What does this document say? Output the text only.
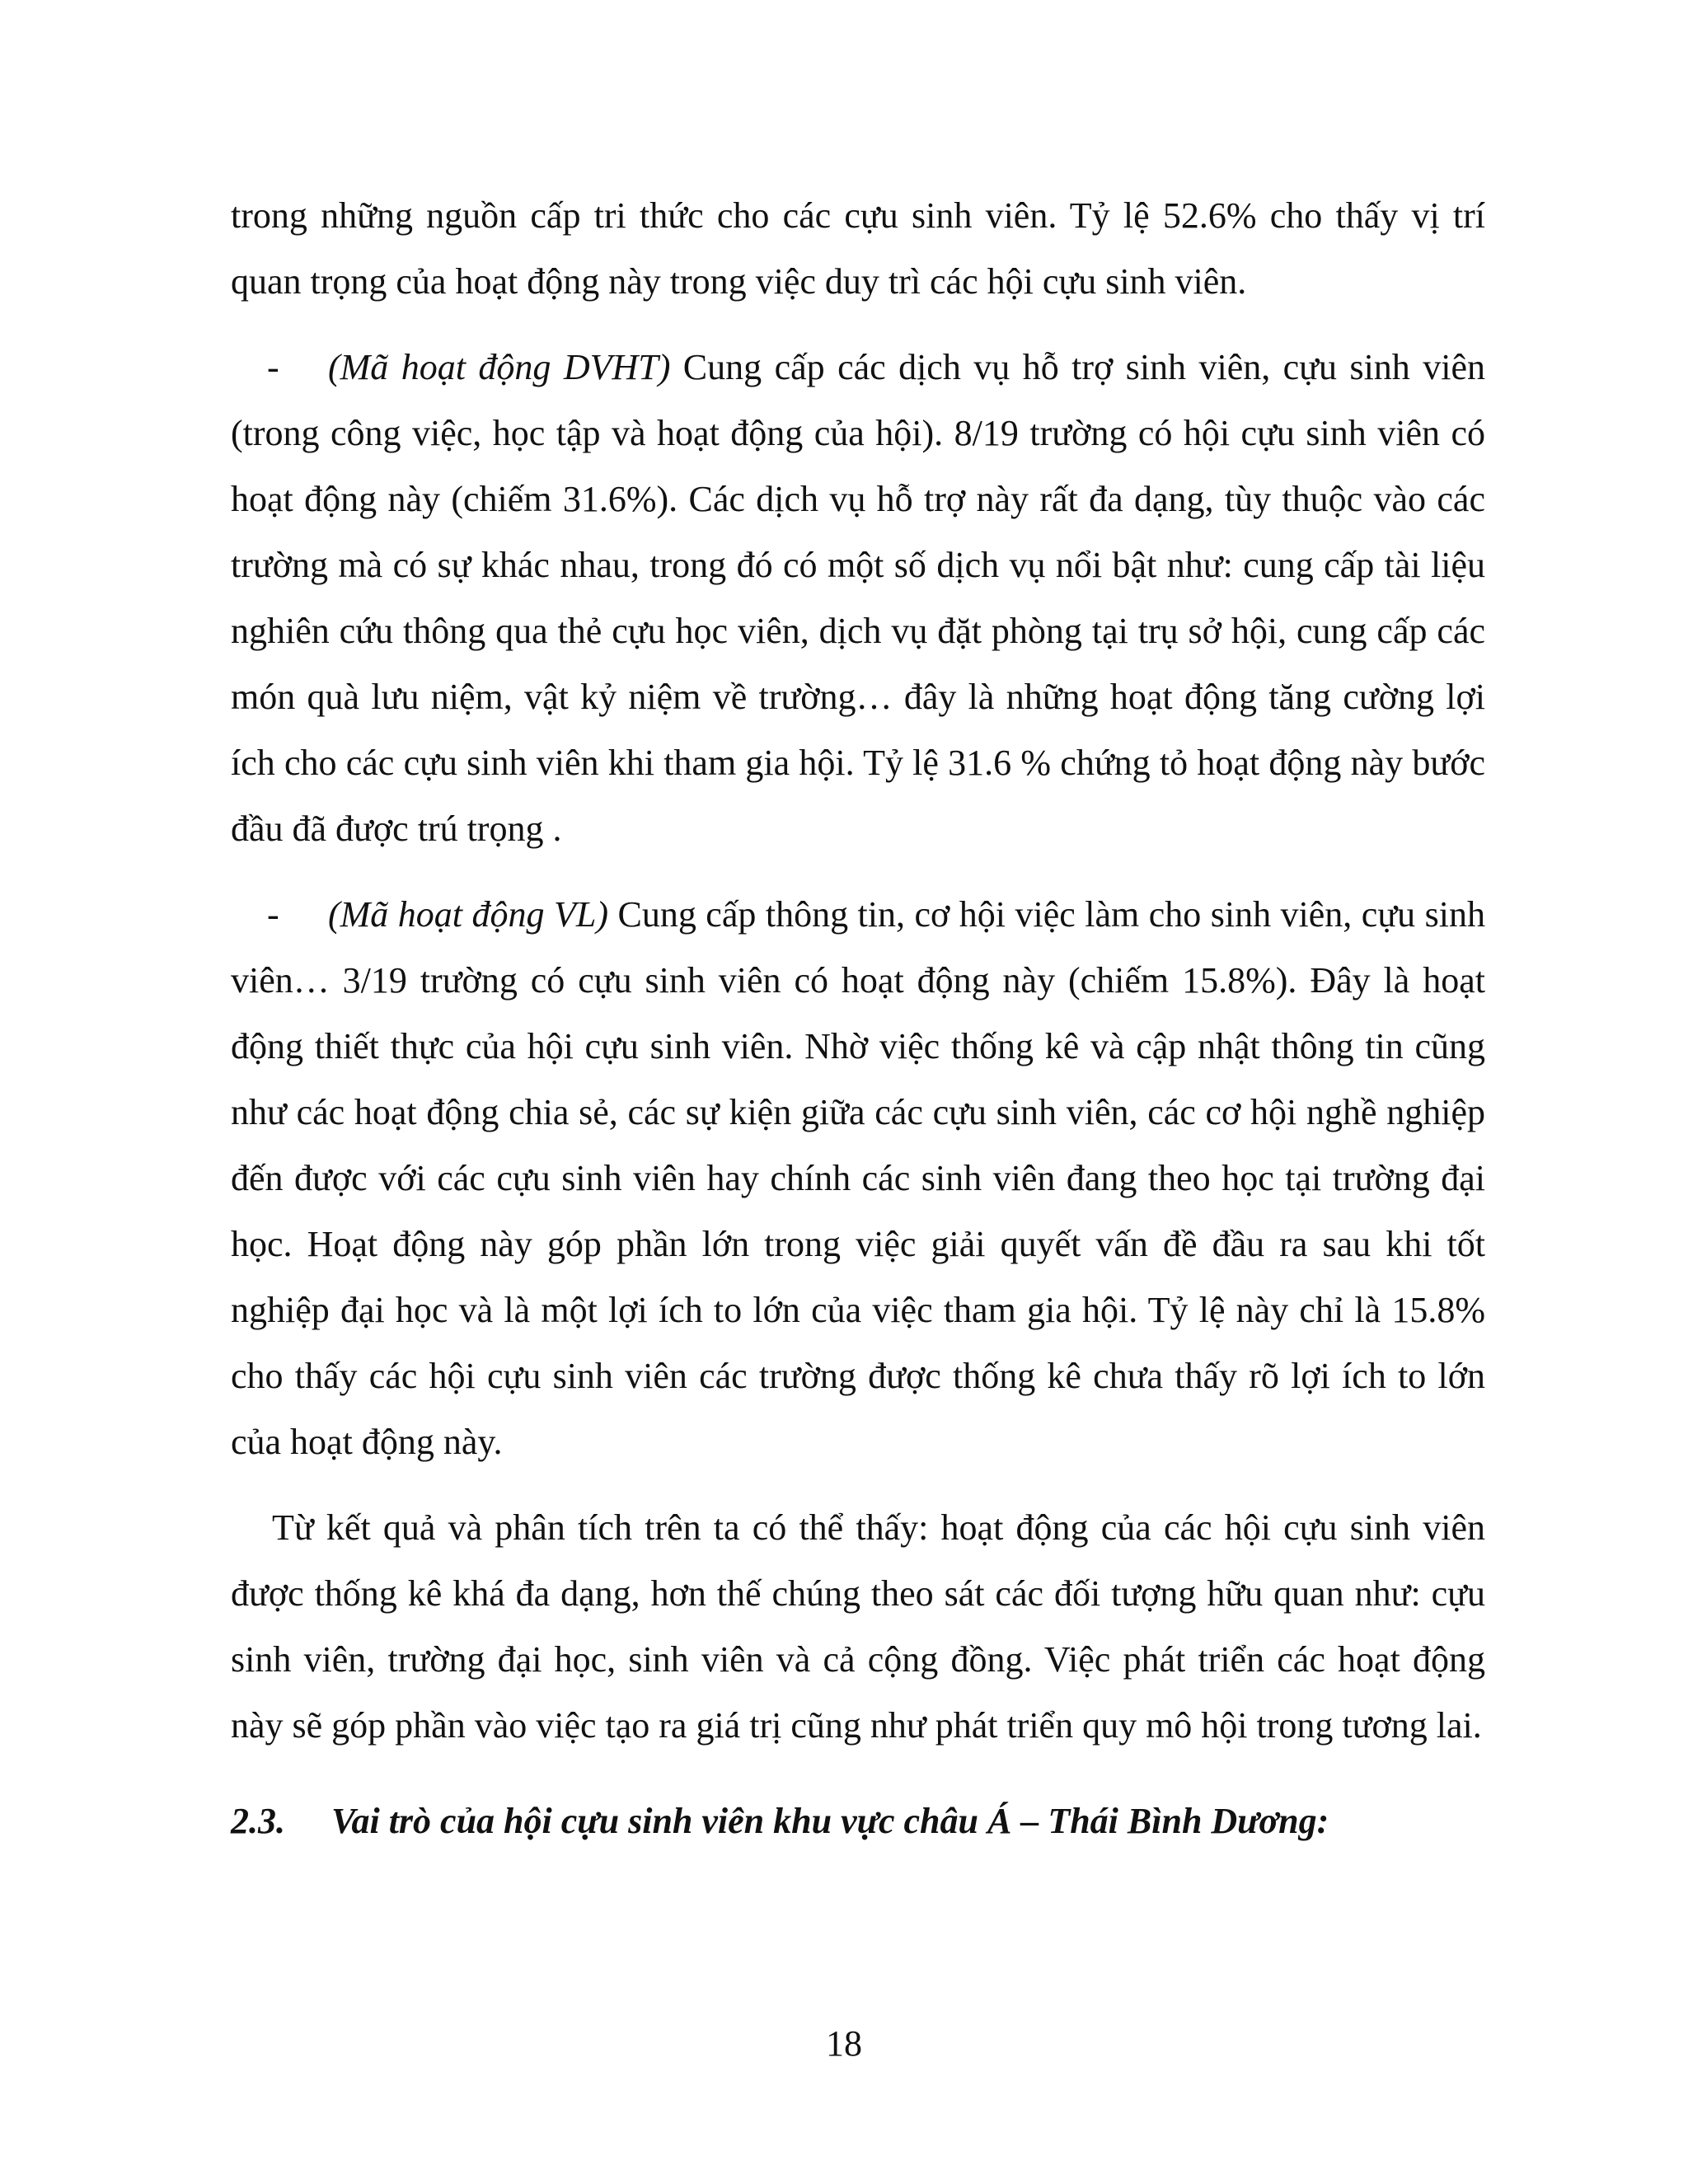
trong những nguồn cấp tri thức cho các cựu sinh viên. Tỷ lệ 52.6% cho thấy vị trí quan trọng của hoạt động này trong việc duy trì các hội cựu sinh viên.

- (Mã hoạt động DVHT) Cung cấp các dịch vụ hỗ trợ sinh viên, cựu sinh viên (trong công việc, học tập và hoạt động của hội). 8/19 trường có hội cựu sinh viên có hoạt động này (chiếm 31.6%). Các dịch vụ hỗ trợ này rất đa dạng, tùy thuộc vào các trường mà có sự khác nhau, trong đó có một số dịch vụ nổi bật như: cung cấp tài liệu nghiên cứu thông qua thẻ cựu học viên, dịch vụ đặt phòng tại trụ sở hội, cung cấp các món quà lưu niệm, vật kỷ niệm về trường… đây là những hoạt động tăng cường lợi ích cho các cựu sinh viên khi tham gia hội. Tỷ lệ 31.6 % chứng tỏ hoạt động này bước đầu đã được trú trọng .

- (Mã hoạt động VL) Cung cấp thông tin, cơ hội việc làm cho sinh viên, cựu sinh viên… 3/19 trường có cựu sinh viên có hoạt động này (chiếm 15.8%). Đây là hoạt động thiết thực của hội cựu sinh viên. Nhờ việc thống kê và cập nhật thông tin cũng như các hoạt động chia sẻ, các sự kiện giữa các cựu sinh viên, các cơ hội nghề nghiệp đến được với các cựu sinh viên hay chính các sinh viên đang theo học tại trường đại học. Hoạt động này góp phần lớn trong việc giải quyết vấn đề đầu ra sau khi tốt nghiệp đại học và là một lợi ích to lớn của việc tham gia hội. Tỷ lệ này chỉ là 15.8% cho thấy các hội cựu sinh viên các trường được thống kê chưa thấy rõ lợi ích to lớn của hoạt động này.

Từ kết quả và phân tích trên ta có thể thấy: hoạt động của các hội cựu sinh viên được thống kê khá đa dạng, hơn thế chúng theo sát các đối tượng hữu quan như: cựu sinh viên, trường đại học, sinh viên và cả cộng đồng. Việc phát triển các hoạt động này sẽ góp phần vào việc tạo ra giá trị cũng như phát triển quy mô hội trong tương lai.

2.3.	Vai trò của hội cựu sinh viên khu vực châu Á – Thái Bình Dương:
18
